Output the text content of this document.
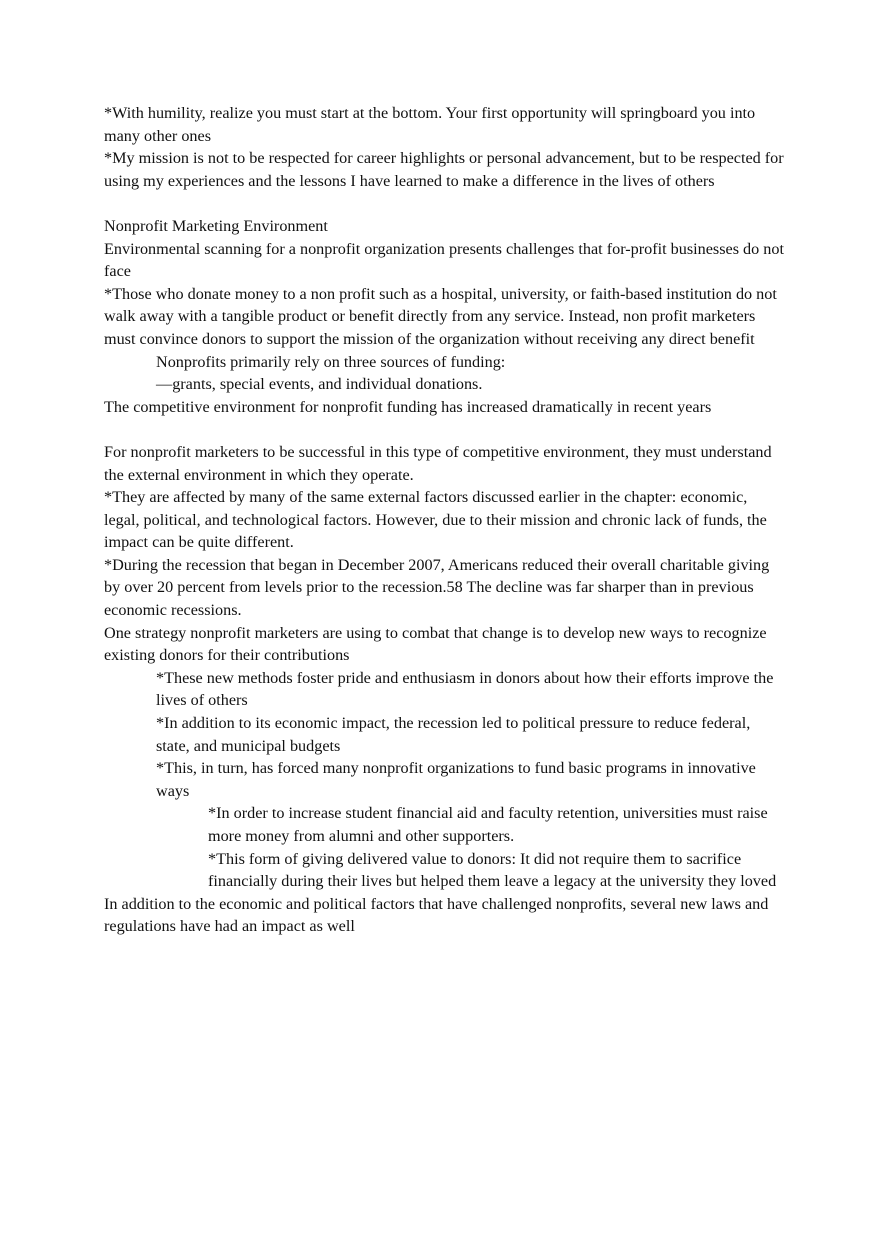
*With humility, realize you must start at the bottom. Your first opportunity will springboard you into many other ones

*My mission is not to be respected for career highlights or personal advancement, but to be respected for using my experiences and the lessons I have learned to make a difference in the lives of others

Nonprofit Marketing Environment

Environmental scanning for a nonprofit organization presents challenges that for-profit businesses do not face

*Those who donate money to a non profit such as a hospital, university, or faith-based institution do not walk away with a tangible product or benefit directly from any service. Instead, non profit marketers must convince donors to support the mission of the organization without receiving any direct benefit

Nonprofits primarily rely on three sources of funding:

—grants, special events, and individual donations.

The competitive environment for nonprofit funding has increased dramatically in recent years

For nonprofit marketers to be successful in this type of competitive environment, they must understand the external environment in which they operate.

*They are affected by many of the same external factors discussed earlier in the chapter: economic, legal, political, and technological factors. However, due to their mission and chronic lack of funds, the impact can be quite different.

*During the recession that began in December 2007, Americans reduced their overall charitable giving by over 20 percent from levels prior to the recession.58 The decline was far sharper than in previous economic recessions.

One strategy nonprofit marketers are using to combat that change is to develop new ways to recognize existing donors for their contributions

*These new methods foster pride and enthusiasm in donors about how their efforts improve the lives of others

*In addition to its economic impact, the recession led to political pressure to reduce federal, state, and municipal budgets

*This, in turn, has forced many nonprofit organizations to fund basic programs in innovative ways

*In order to increase student financial aid and faculty retention, universities must raise more money from alumni and other supporters.

*This form of giving delivered value to donors: It did not require them to sacrifice financially during their lives but helped them leave a legacy at the university they loved

In addition to the economic and political factors that have challenged nonprofits, several new laws and regulations have had an impact as well
